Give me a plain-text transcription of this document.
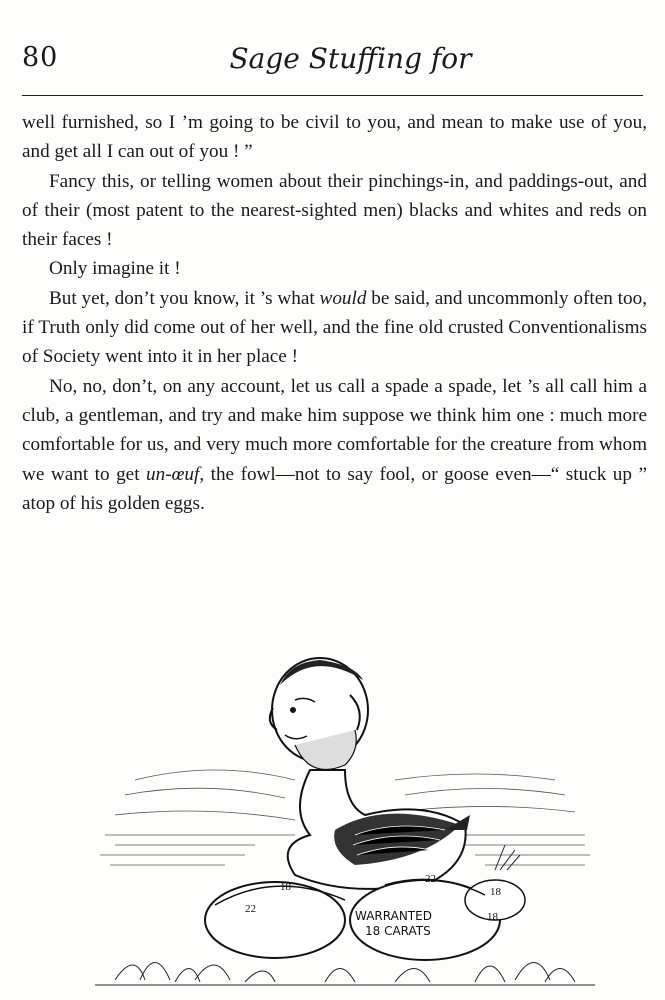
80	Sage Stuffing for

well furnished, so I ’m going to be civil to you, and mean to make use of you, and get all I can out of you ! ”

Fancy this, or telling women about their pinchings-in, and paddings-out, and of their (most patent to the nearest-sighted men) blacks and whites and reds on their faces !

Only imagine it !

But yet, don’t you know, it ’s what would be said, and uncommonly often too, if Truth only did come out of her well, and the fine old crusted Conventionalisms of Society went into it in her place !

No, no, don’t, on any account, let us call a spade a spade, let ’s all call him a club, a gentleman, and try and make him suppose we think him one : much more comfortable for us, and very much more comfortable for the creature from whom we want to get un-œuf, the fowl—not to say fool, or goose even—“ stuck up ” atop of his golden eggs.

22
18
22
18
18
WARRANTED
18 CARATS
